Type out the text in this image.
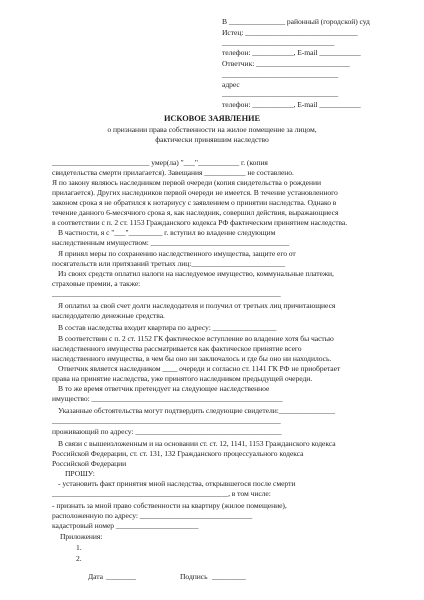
В _______________ районный (городской) суд
Истец: ______________________________
______________________________
телефон: ___________, E-mail ___________
Ответчик: _________________________
_______________________________
адрес
_______________________________
телефон: ___________, E-mail ___________
ИСКОВОЕ ЗАЯВЛЕНИЕ
о признании права собственности на жилое помещение за лицом,
фактически принявшим наследство
__________________________ умер(ла) "___"___________ г. (копия
свидетельства смерти прилагается). Завещания ___________ не составлено.
Я по закону являюсь наследником первой очереди (копия свидетельства о рождении
прилагается). Других наследников первой очереди не имеется. В течение установленного
законом срока я не обратился к нотариусу с заявлением о принятии наследства. Однако в
течение данного 6-месячного срока я, как наследник, совершил действия, выражающиеся
в соответствии с п. 2 ст. 1153 Гражданского кодекса РФ фактическим принятием наследства.
В частности, я с "___"_________ г. вступил во владение следующим
наследственным имуществом: _____________________________________
Я принял меры по сохранению наследственного имущества, защите его от
посягательств или притязаний третьих лиц:_________________________
Из своих средств оплатил налоги на наследуемое имущество, коммунальные платежи,
страховые премии, а также:
_____________________________________________________________
Я оплатил за свой счет долги наследодателя и получил от третьих лиц причитающиеся
наследодателю денежные средства.
В состав наследства входит квартира по адресу: _________________
В соответствии с п. 2 ст. 1152 ГК фактическое вступление во владение хотя бы частью
наследственного имущества рассматривается как фактическое принятие всего
наследственного имущества, в чем бы оно ни заключалось и где бы оно ни находилось.
Ответчик является наследником ____ очереди и согласно ст. 1141 ГК РФ не приобретает
права на принятие наследства, уже принятого наследником предыдущей очереди.
В то же время ответчик претендует на следующее наследственное
имущество: ___________________________________________________
Указанные обстоятельства могут подтвердить следующие свидетели:_______________
_____________________________________________________________
проживающий по адресу: _______________________________________
В связи с вышеизложенным и на основании ст. ст. 12, 1141, 1153 Гражданского кодекса
Российской Федерации, ст. ст. 131, 132 Гражданского процессуального кодекса
Российской Федерации
ПРОШУ:
- установить факт принятия мной наследства, открывшегося после смерти
_______________________________________________, в том числе:
- признать за мной право собственности на квартиру (жилое помещение),
расположенную по адресу: ______________________________
кадастровый номер ______________________
Приложения:
1.
2.
Дата ________	Подпись _________
